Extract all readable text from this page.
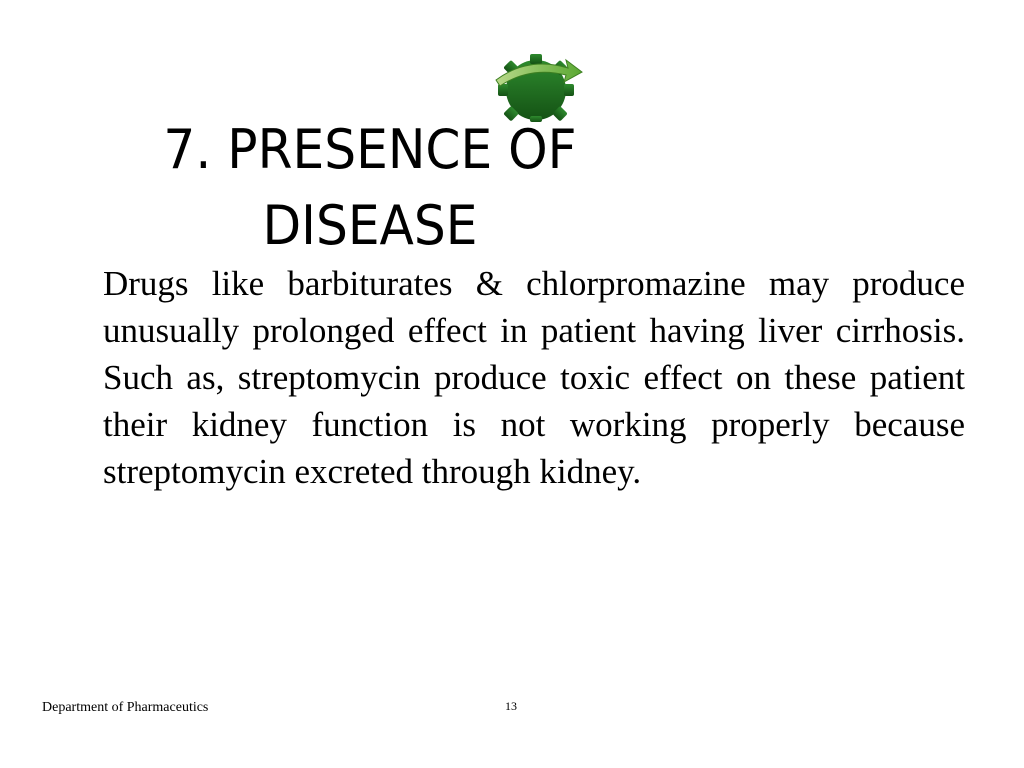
7. PRESENCE OF
DISEASE

Drugs like barbiturates & chlorpromazine may produce unusually prolonged effect in patient having liver cirrhosis. Such as, streptomycin produce toxic effect on these patient their kidney function is not working properly because streptomycin excreted through kidney.

Department of Pharmaceutics	13
